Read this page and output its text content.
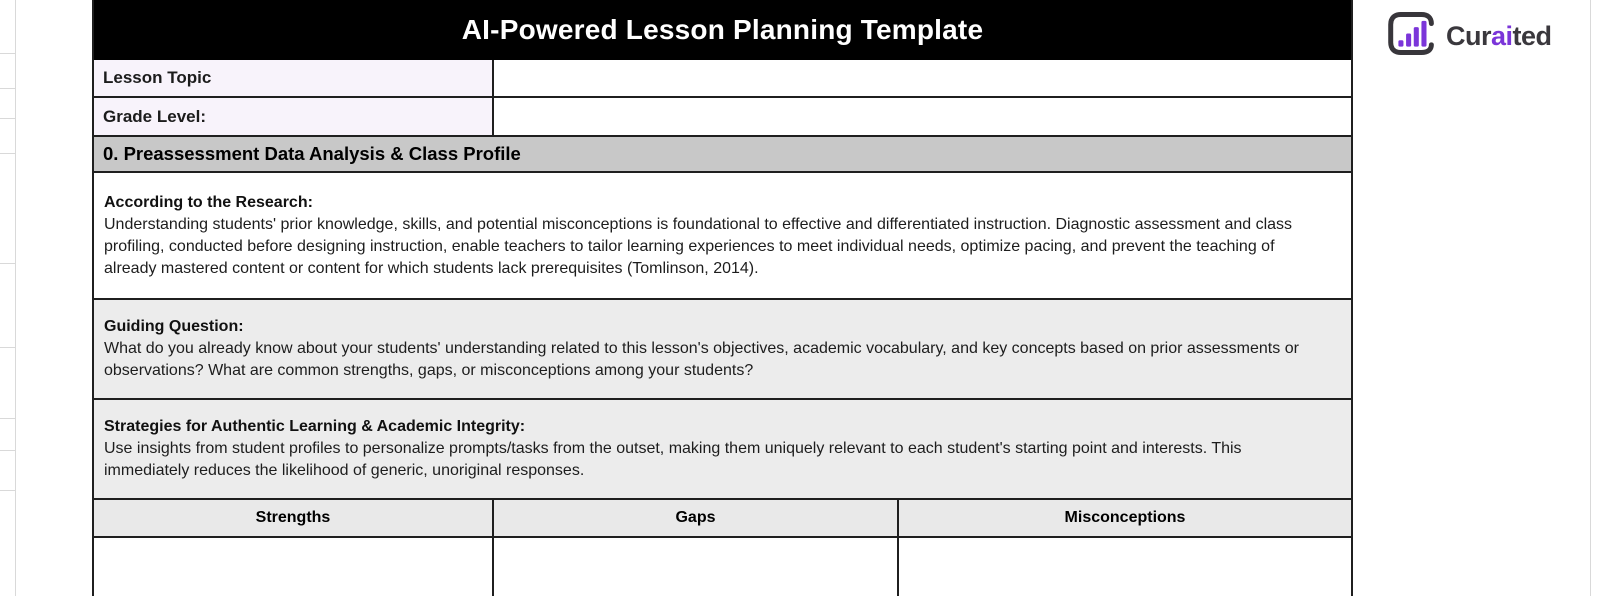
AI-Powered Lesson Planning Template
Lesson Topic
Grade Level:
0. Preassessment Data Analysis & Class Profile
According to the Research:
Understanding students' prior knowledge, skills, and potential misconceptions is foundational to effective and differentiated instruction. Diagnostic assessment and class profiling, conducted before designing instruction, enable teachers to tailor learning experiences to meet individual needs, optimize pacing, and prevent the teaching of already mastered content or content for which students lack prerequisites (Tomlinson, 2014).
Guiding Question:
What do you already know about your students' understanding related to this lesson's objectives, academic vocabulary, and key concepts based on prior assessments or observations? What are common strengths, gaps, or misconceptions among your students?
Strategies for Authentic Learning & Academic Integrity:
Use insights from student profiles to personalize prompts/tasks from the outset, making them uniquely relevant to each student's starting point and interests. This immediately reduces the likelihood of generic, unoriginal responses.
Strengths	Gaps	Misconceptions
Curaited
